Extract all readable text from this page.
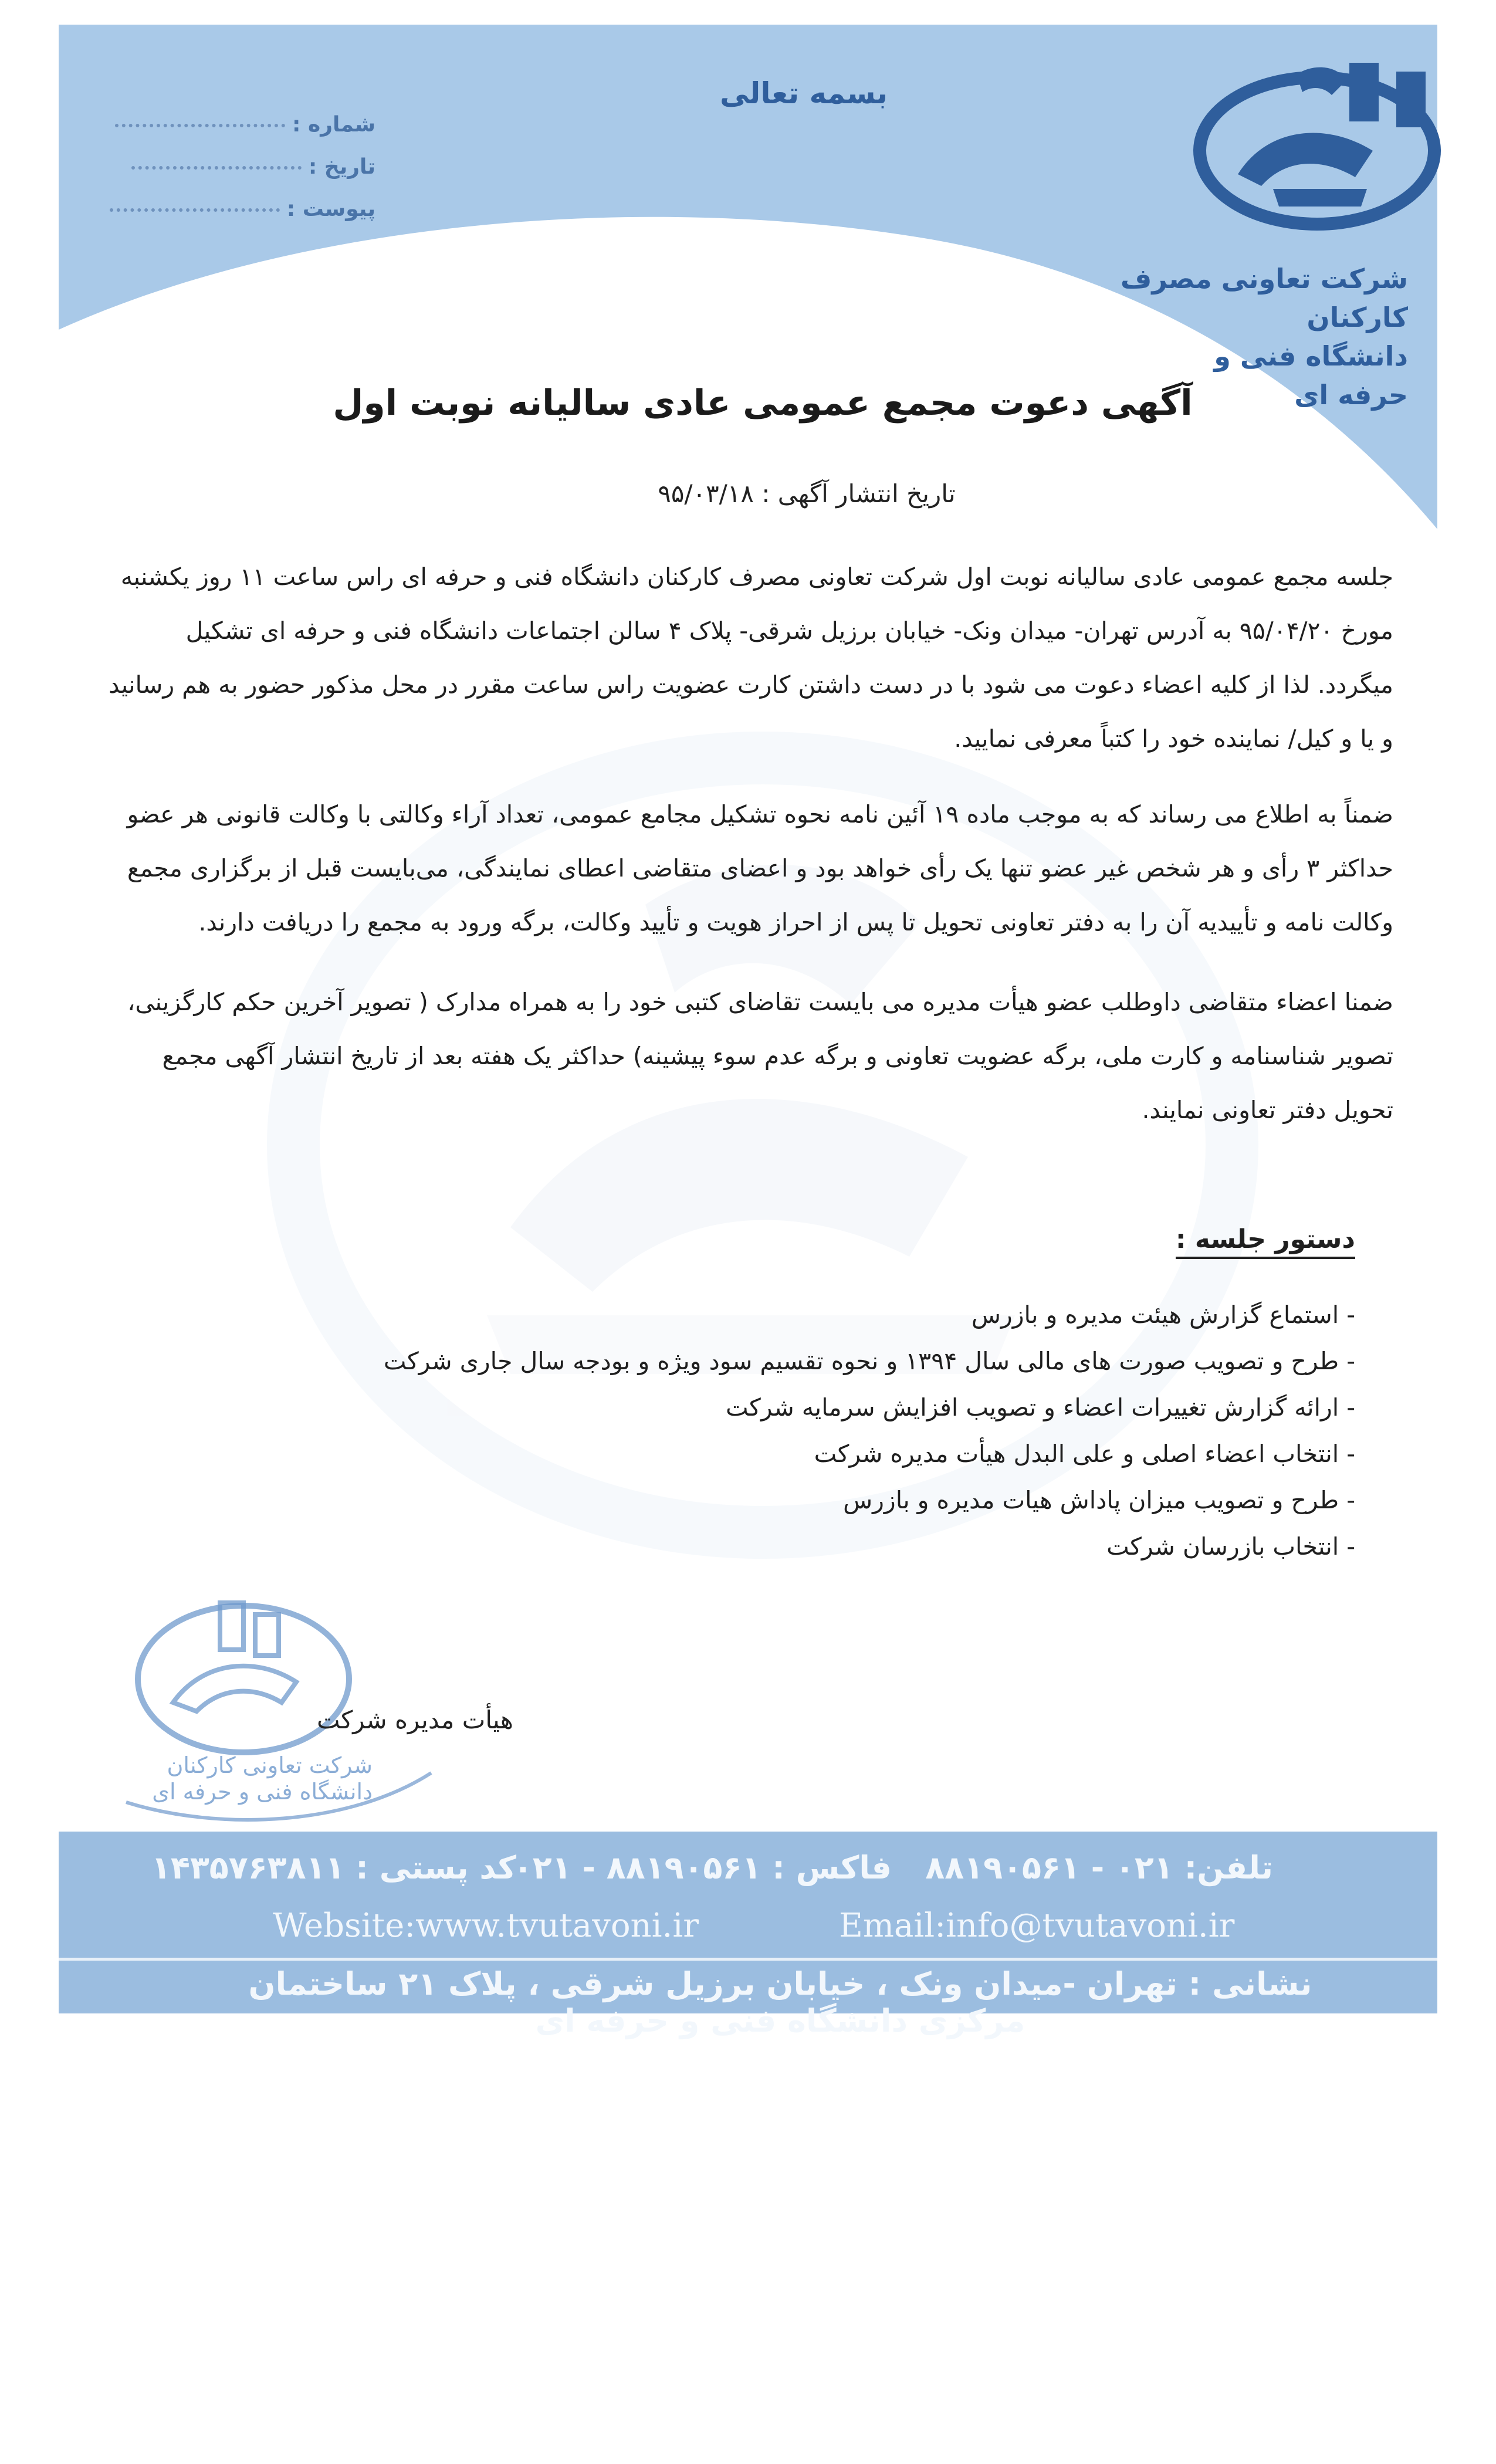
شرکت تعاونی مصرف کارکنان
دانشگاه فنی و
حرفه ای
بسمه تعالی
شماره :
تاریخ :
پیوست :
آگهی دعوت مجمع عمومی عادی سالیانه نوبت اول
تاریخ انتشار آگهی : ۹۵/۰۳/۱۸

جلسه مجمع عمومی عادی سالیانه نوبت اول شرکت تعاونی مصرف کارکنان دانشگاه فنی و حرفه ای راس ساعت ۱۱ روز یکشنبه

مورخ ۹۵/۰۴/۲۰ به آدرس تهران- میدان ونک- خیابان برزیل شرقی- پلاک ۴ سالن اجتماعات دانشگاه فنی و حرفه ای تشکیل

میگردد. لذا از کلیه اعضاء دعوت می شود با در دست داشتن کارت عضویت راس ساعت مقرر در محل مذکور حضور به هم رسانید

و یا و کیل/ نماینده خود را کتباً معرفی نمایید.

ضمناً به اطلاع می رساند که به موجب ماده ۱۹ آئین نامه نحوه تشکیل مجامع عمومی، تعداد آراء وکالتی با وکالت قانونی هر عضو

حداکثر ۳ رأی و هر شخص غیر عضو تنها یک رأی خواهد بود و اعضای متقاضی اعطای نمایندگی، می‌بایست قبل از برگزاری مجمع

وکالت نامه و تأییدیه آن را به دفتر تعاونی تحویل تا پس از احراز هویت و تأیید وکالت، برگه ورود به مجمع را دریافت دارند.

ضمنا اعضاء متقاضی داوطلب عضو هیأت مدیره می بایست تقاضای کتبی خود را به همراه مدارک ( تصویر آخرین حکم کارگزینی،

تصویر شناسنامه و کارت ملی، برگه عضویت تعاونی و برگه عدم سوء پیشینه) حداکثر یک هفته بعد از تاریخ انتشار آگهی مجمع

تحویل دفتر تعاونی نمایند.

دستور جلسه :
- استماع گزارش هیئت مدیره و بازرس
- طرح و تصویب صورت های مالی سال ۱۳۹۴ و نحوه تقسیم سود ویژه و بودجه سال جاری شرکت
- ارائه گزارش تغییرات اعضاء و تصویب افزایش سرمایه شرکت
- انتخاب اعضاء اصلی و علی البدل هیأت مدیره شرکت
- طرح و تصویب میزان پاداش هیات مدیره و بازرس
- انتخاب بازرسان شرکت
شرکت تعاونی کارکنان
دانشگاه فنی و حرفه ای
هیأت مدیره شرکت
تلفن: ۰۲۱ - ۸۸۱۹۰۵۶۱
فاکس : ۸۸۱۹۰۵۶۱ - ۰۲۱
کد پستی : ۱۴۳۵۷۶۳۸۱۱
Website:www.tvutavoni.ir	Email:info@tvutavoni.ir
نشانی : تهران -میدان ونک ، خیابان برزیل شرقی ، پلاک ۲۱ ساختمان مرکزی دانشگاه فنی و حرفه ای
